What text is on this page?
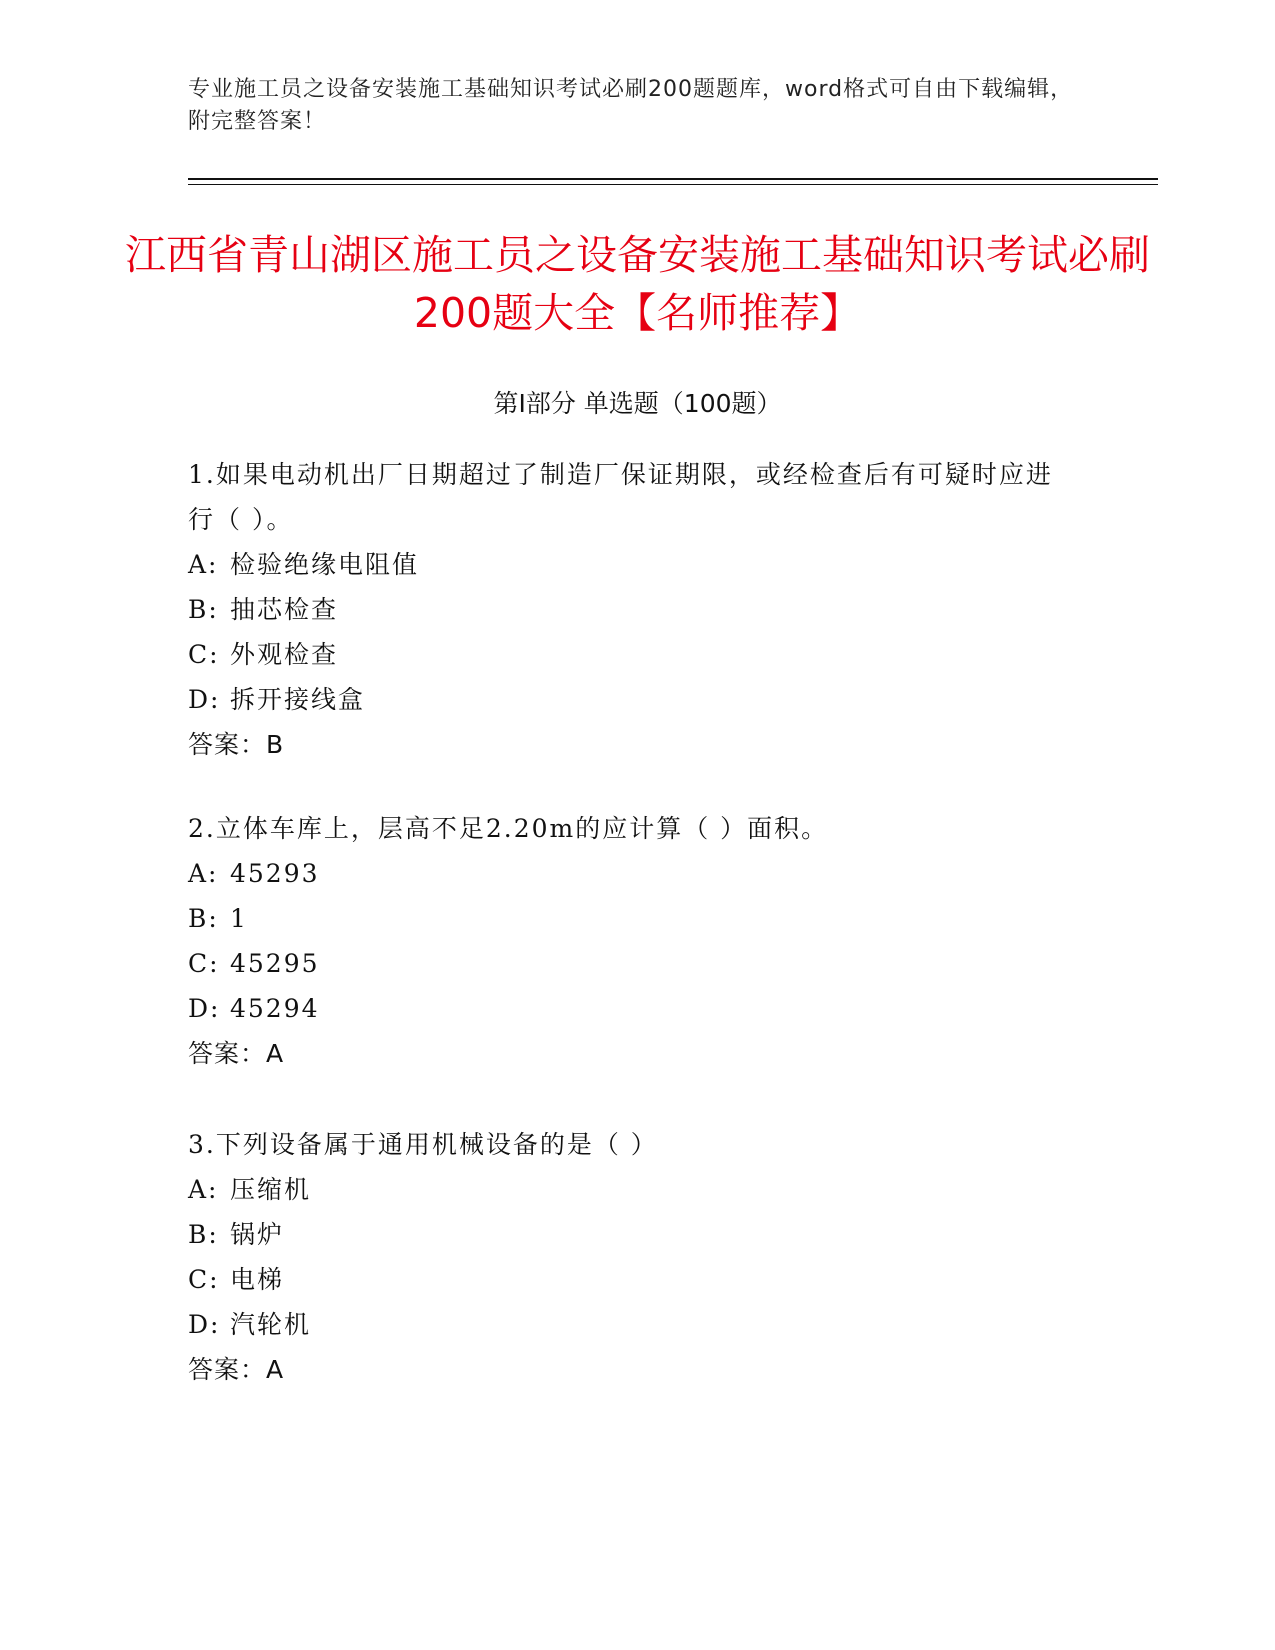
专业施工员之设备安装施工基础知识考试必刷200题题库，word格式可自由下载编辑，附完整答案！
江西省青山湖区施工员之设备安装施工基础知识考试必刷200题大全【名师推荐】
第I部分 单选题（100题）
1.如果电动机出厂日期超过了制造厂保证期限，或经检查后有可疑时应进行（ ）。
A: 检验绝缘电阻值
B: 抽芯检查
C: 外观检查
D: 拆开接线盒
答案：B
2.立体车库上，层高不足2.20m的应计算（ ）面积。
A: 45293
B: 1
C: 45295
D: 45294
答案：A
3.下列设备属于通用机械设备的是（ ）
A: 压缩机
B: 锅炉
C: 电梯
D: 汽轮机
答案：A
